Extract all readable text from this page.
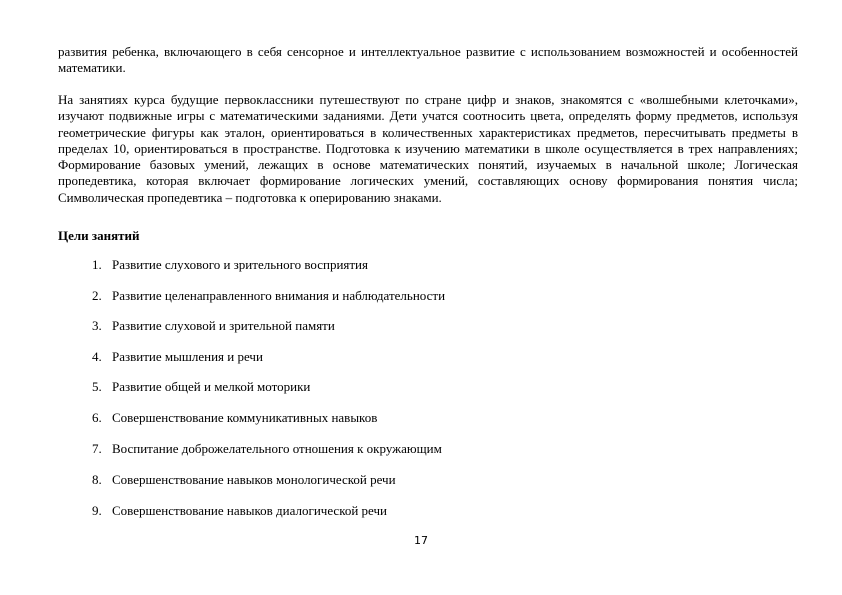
развития ребенка, включающего в себя сенсорное и интеллектуальное развитие с использованием возможностей и особенностей математики.

На занятиях курса будущие первоклассники путешествуют по стране цифр и знаков, знакомятся с «волшебными клеточками», изучают подвижные игры с математическими заданиями. Дети учатся соотносить цвета, определять форму предметов, используя геометрические фигуры как эталон, ориентироваться в количественных характеристиках предметов, пересчитывать предметы в пределах 10, ориентироваться в пространстве. Подготовка к изучению математики в школе осуществляется в трех направлениях; Формирование базовых умений, лежащих в основе математических понятий, изучаемых в начальной школе; Логическая пропедевтика, которая включает формирование логических умений, составляющих основу формирования понятия числа; Символическая пропедевтика – подготовка к оперированию знаками.

Цели занятий

1. Развитие слухового и зрительного восприятия
2. Развитие целенаправленного внимания и наблюдательности
3. Развитие слуховой и зрительной памяти
4. Развитие мышления и речи
5. Развитие общей и мелкой моторики
6. Совершенствование коммуникативных навыков
7. Воспитание доброжелательного отношения к окружающим
8. Совершенствование навыков монологической речи
9. Совершенствование навыков диалогической речи
17
